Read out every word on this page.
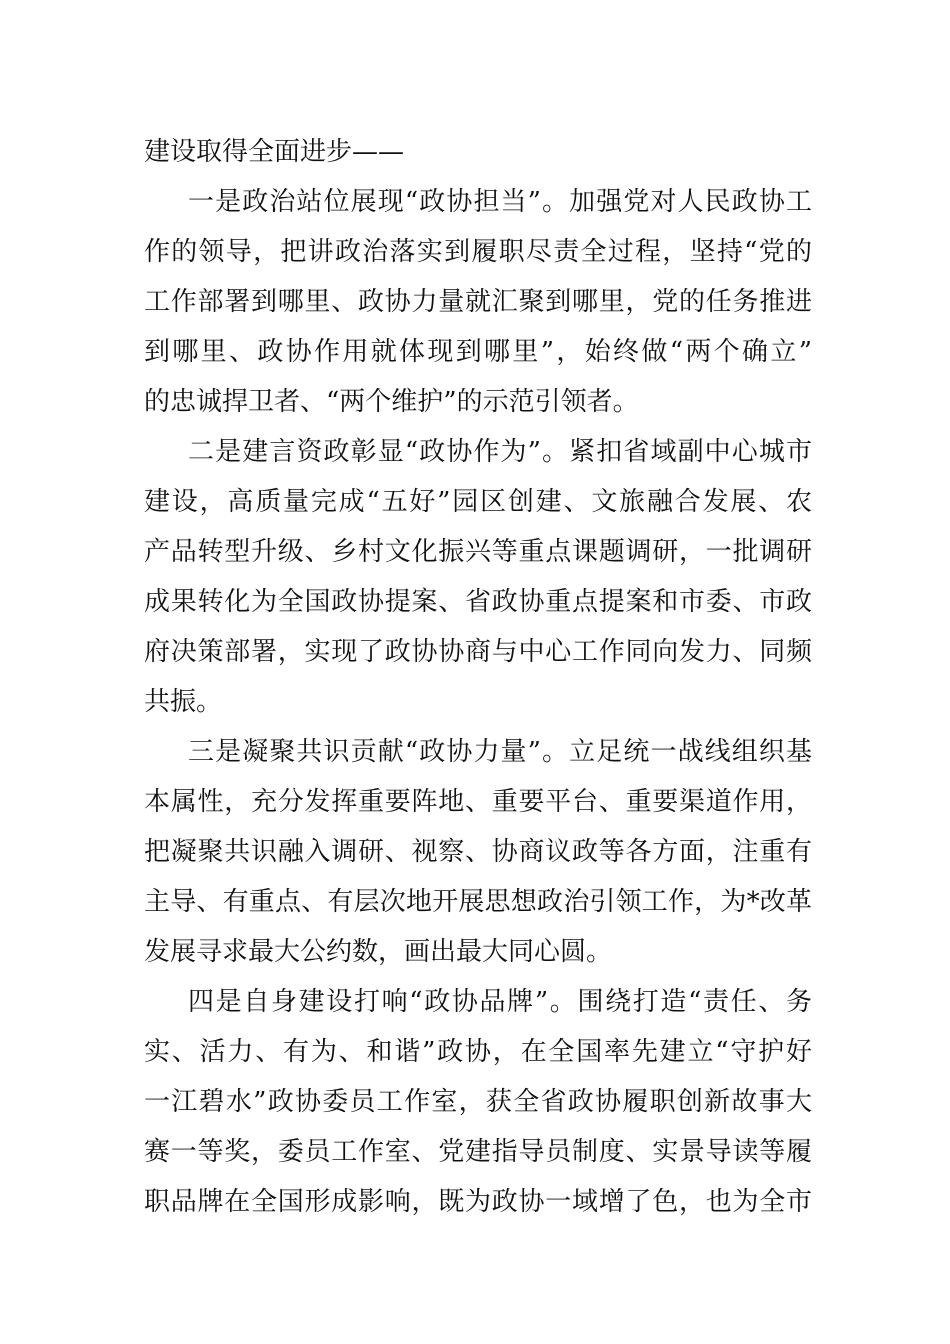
建设取得全面进步——
一是政治站位展现“政协担当”。加强党对人民政协工
作的领导，把讲政治落实到履职尽责全过程，坚持“党的
工作部署到哪里、政协力量就汇聚到哪里，党的任务推进
到哪里、政协作用就体现到哪里”，始终做“两个确立”
的忠诚捍卫者、“两个维护”的示范引领者。
二是建言资政彰显“政协作为”。紧扣省域副中心城市
建设，高质量完成“五好”园区创建、文旅融合发展、农
产品转型升级、乡村文化振兴等重点课题调研，一批调研
成果转化为全国政协提案、省政协重点提案和市委、市政
府决策部署，实现了政协协商与中心工作同向发力、同频
共振。
三是凝聚共识贡献“政协力量”。立足统一战线组织基
本属性，充分发挥重要阵地、重要平台、重要渠道作用，
把凝聚共识融入调研、视察、协商议政等各方面，注重有
主导、有重点、有层次地开展思想政治引领工作，为*改革
发展寻求最大公约数，画出最大同心圆。
四是自身建设打响“政协品牌”。围绕打造“责任、务
实、活力、有为、和谐”政协，在全国率先建立“守护好
一江碧水”政协委员工作室，获全省政协履职创新故事大
赛一等奖，委员工作室、党建指导员制度、实景导读等履
职品牌在全国形成影响，既为政协一域增了色，也为全市
